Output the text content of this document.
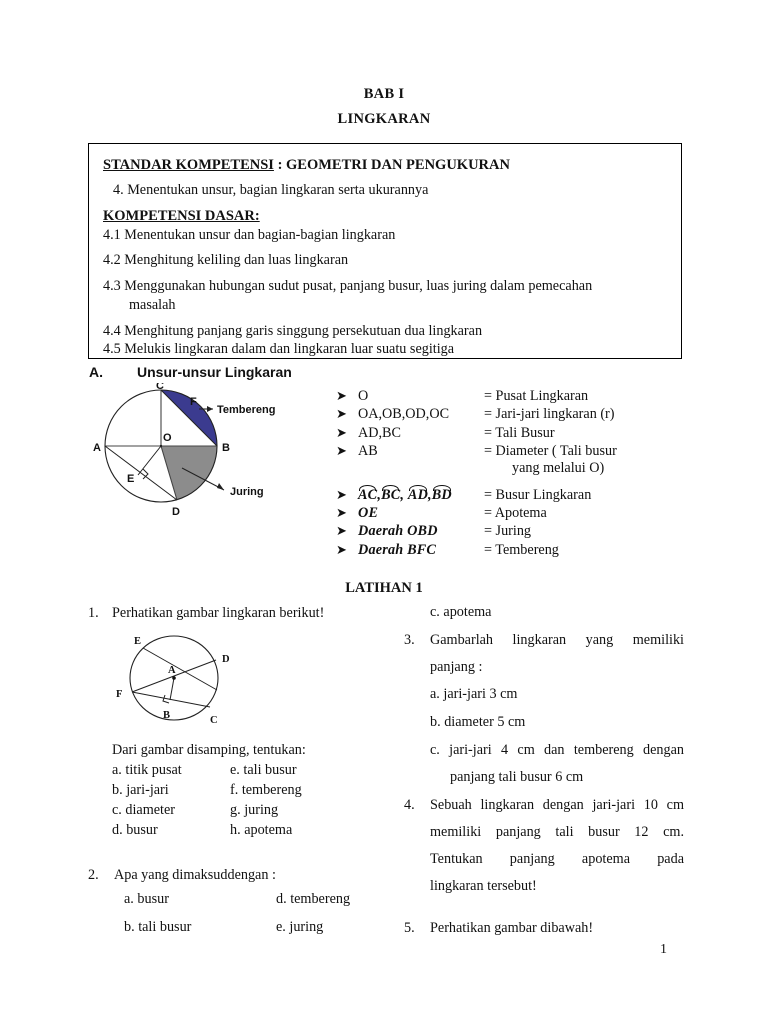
BAB I
LINGKARAN
STANDAR KOMPETENSI : GEOMETRI DAN PENGUKURAN
4. Menentukan unsur, bagian lingkaran serta ukurannya
KOMPETENSI DASAR:
4.1 Menentukan unsur dan bagian-bagian lingkaran
4.2 Menghitung keliling dan luas lingkaran
4.3 Menggunakan hubungan sudut pusat, panjang busur, luas juring dalam pemecahan
masalah
4.4 Menghitung panjang garis singgung persekutuan dua lingkaran
4.5 Melukis lingkaran dalam dan lingkaran luar suatu segitiga
A. Unsur-unsur Lingkaran
C
A	B
D
E
F
O
Tembereng
Juring
➤ O	= Pusat Lingkaran
➤ OA,OB,OD,OC	= Jari-jari lingkaran (r)
➤ AD,BC	= Tali Busur
➤ AB	= Diameter ( Tali busur
yang melalui O)
➤ AC,BC, AD,BD	= Busur Lingkaran
➤ OE	= Apotema
➤ Daerah OBD	= Juring
➤ Daerah BFC	= Tembereng
LATIHAN 1
1. Perhatikan gambar lingkaran berikut!
E
D
A
F
B	C
Dari gambar disamping, tentukan:
a. titik pusat	e. tali busur
b. jari-jari	f. tembereng
c. diameter	g. juring
d. busur	h. apotema
2.	Apa yang dimaksuddengan :
a. busur	d. tembereng
b. tali busur	e. juring
c. apotema
3.	Gambarlah lingkaran yang memiliki
panjang :
a. jari-jari 3 cm
b. diameter 5 cm
c. jari-jari 4 cm dan tembereng dengan
panjang tali busur 6 cm
4.	Sebuah lingkaran dengan jari-jari 10 cm
memiliki panjang tali busur 12 cm.
Tentukan panjang apotema pada
lingkaran tersebut!
5.	Perhatikan gambar dibawah!
1
